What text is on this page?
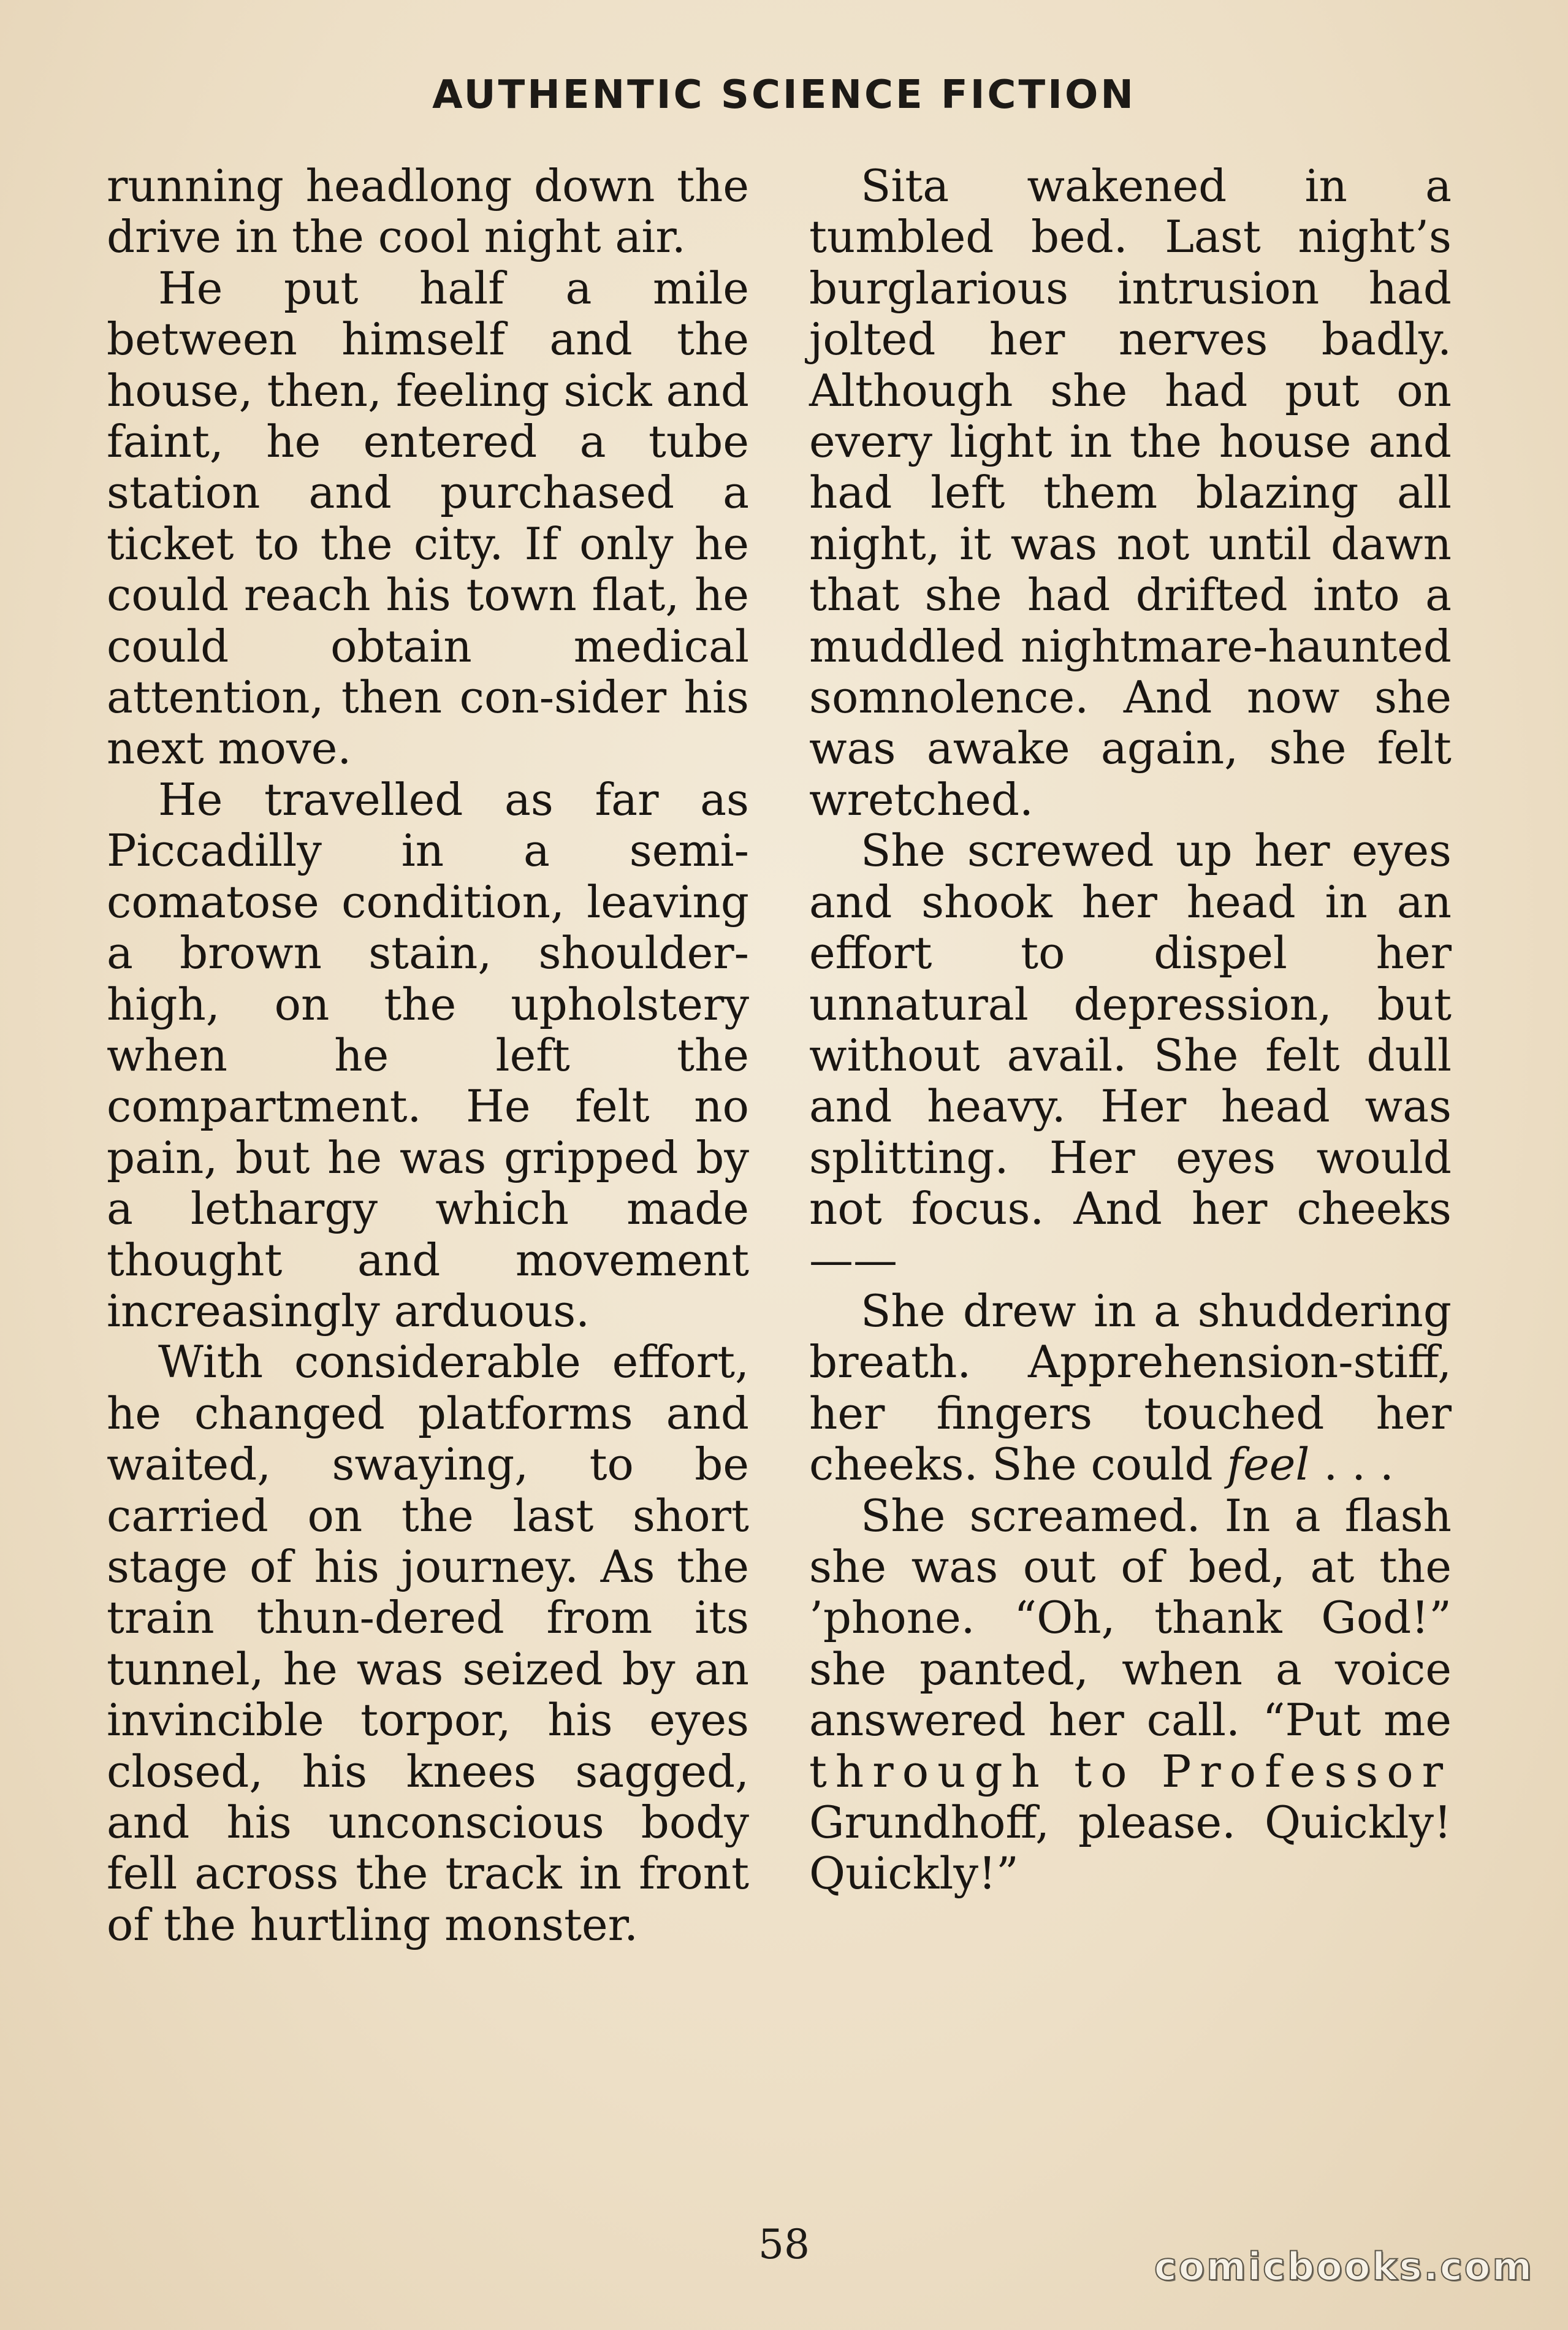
AUTHENTIC SCIENCE FICTION

running headlong down the drive in the cool night air.

He put half a mile between himself and the house, then, feeling sick and faint, he entered a tube station and purchased a ticket to the city. If only he could reach his town flat, he could obtain medical attention, then con-sider his next move.

He travelled as far as Piccadilly in a semi-comatose condition, leaving a brown stain, shoulder-high, on the upholstery when he left the compartment. He felt no pain, but he was gripped by a lethargy which made thought and movement increasingly arduous.

With considerable effort, he changed platforms and waited, swaying, to be carried on the last short stage of his journey. As the train thun-dered from its tunnel, he was seized by an invincible torpor, his eyes closed, his knees sagged, and his unconscious body fell across the track in front of the hurtling monster.

Sita wakened in a tumbled bed. Last night’s burglarious intrusion had jolted her nerves badly. Although she had put on every light in the house and had left them blazing all night, it was not until dawn that she had drifted into a muddled nightmare-haunted somnolence. And now she was awake again, she felt wretched.

She screwed up her eyes and shook her head in an effort to dispel her unnatural depression, but without avail. She felt dull and heavy. Her head was splitting. Her eyes would not focus. And her cheeks——

She drew in a shuddering breath. Apprehension-stiff, her fingers touched her cheeks. She could feel . . .

She screamed. In a flash she was out of bed, at the ’phone. “Oh, thank God!” she panted, when a voice answered her call. “Put me through to Professor Grundhoff, please. Quickly! Quickly!”

58	comicbooks.com
